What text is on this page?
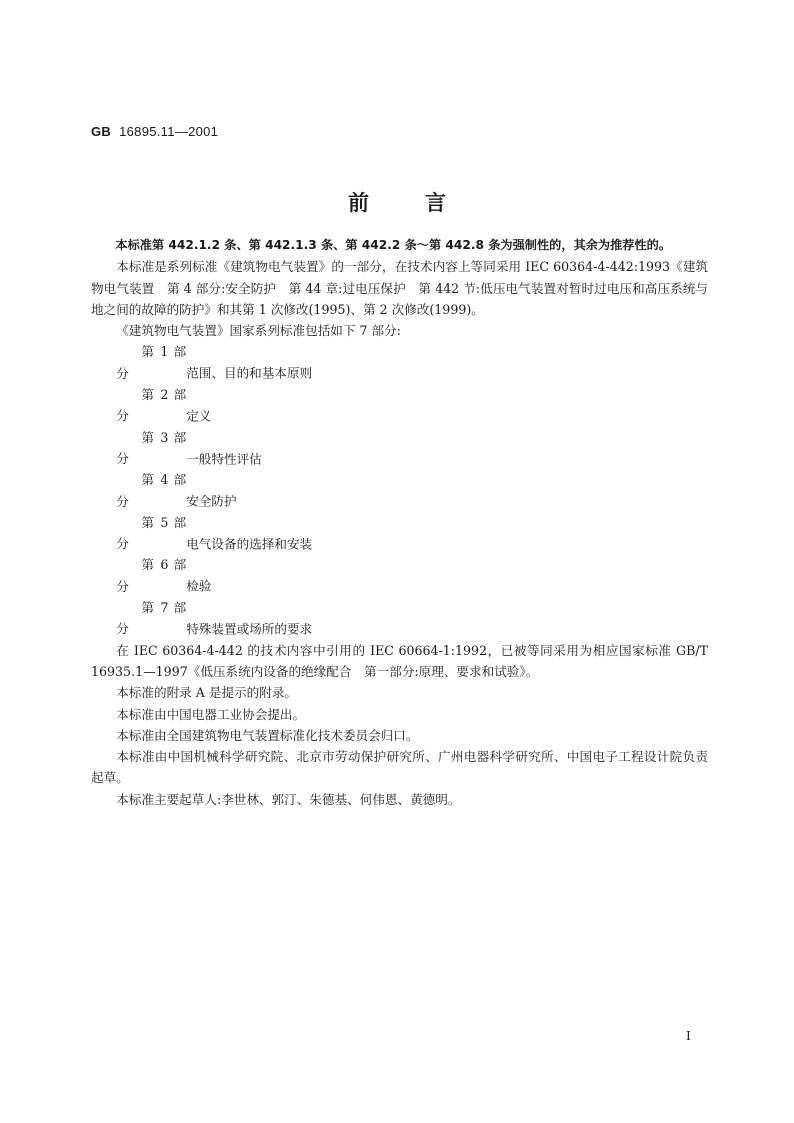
GB 16895.11—2001
前	言

本标准第 442.1.2 条、第 442.1.3 条、第 442.2 条～第 442.8 条为强制性的，其余为推荐性的。

本标准是系列标准《建筑物电气装置》的一部分，在技术内容上等同采用 IEC 60364-4-442:1993《建筑物电气装置　第 4 部分:安全防护　第 44 章:过电压保护　第 442 节:低压电气装置对暂时过电压和高压系统与地之间的故障的防护》和其第 1 次修改(1995)、第 2 次修改(1999)。

《建筑物电气装置》国家系列标准包括如下 7 部分:

第 1 部分	范围、目的和基本原则

第 2 部分	定义

第 3 部分	一般特性评估

第 4 部分	安全防护

第 5 部分	电气设备的选择和安装

第 6 部分	检验

第 7 部分	特殊装置或场所的要求

在 IEC 60364-4-442 的技术内容中引用的 IEC 60664-1:1992，已被等同采用为相应国家标准 GB/T 16935.1—1997《低压系统内设备的绝缘配合　第一部分:原理、要求和试验》。

本标准的附录 A 是提示的附录。

本标准由中国电器工业协会提出。

本标准由全国建筑物电气装置标准化技术委员会归口。

本标准由中国机械科学研究院、北京市劳动保护研究所、广州电器科学研究所、中国电子工程设计院负责起草。

本标准主要起草人:李世林、郭汀、朱德基、何伟恩、黄德明。

I
